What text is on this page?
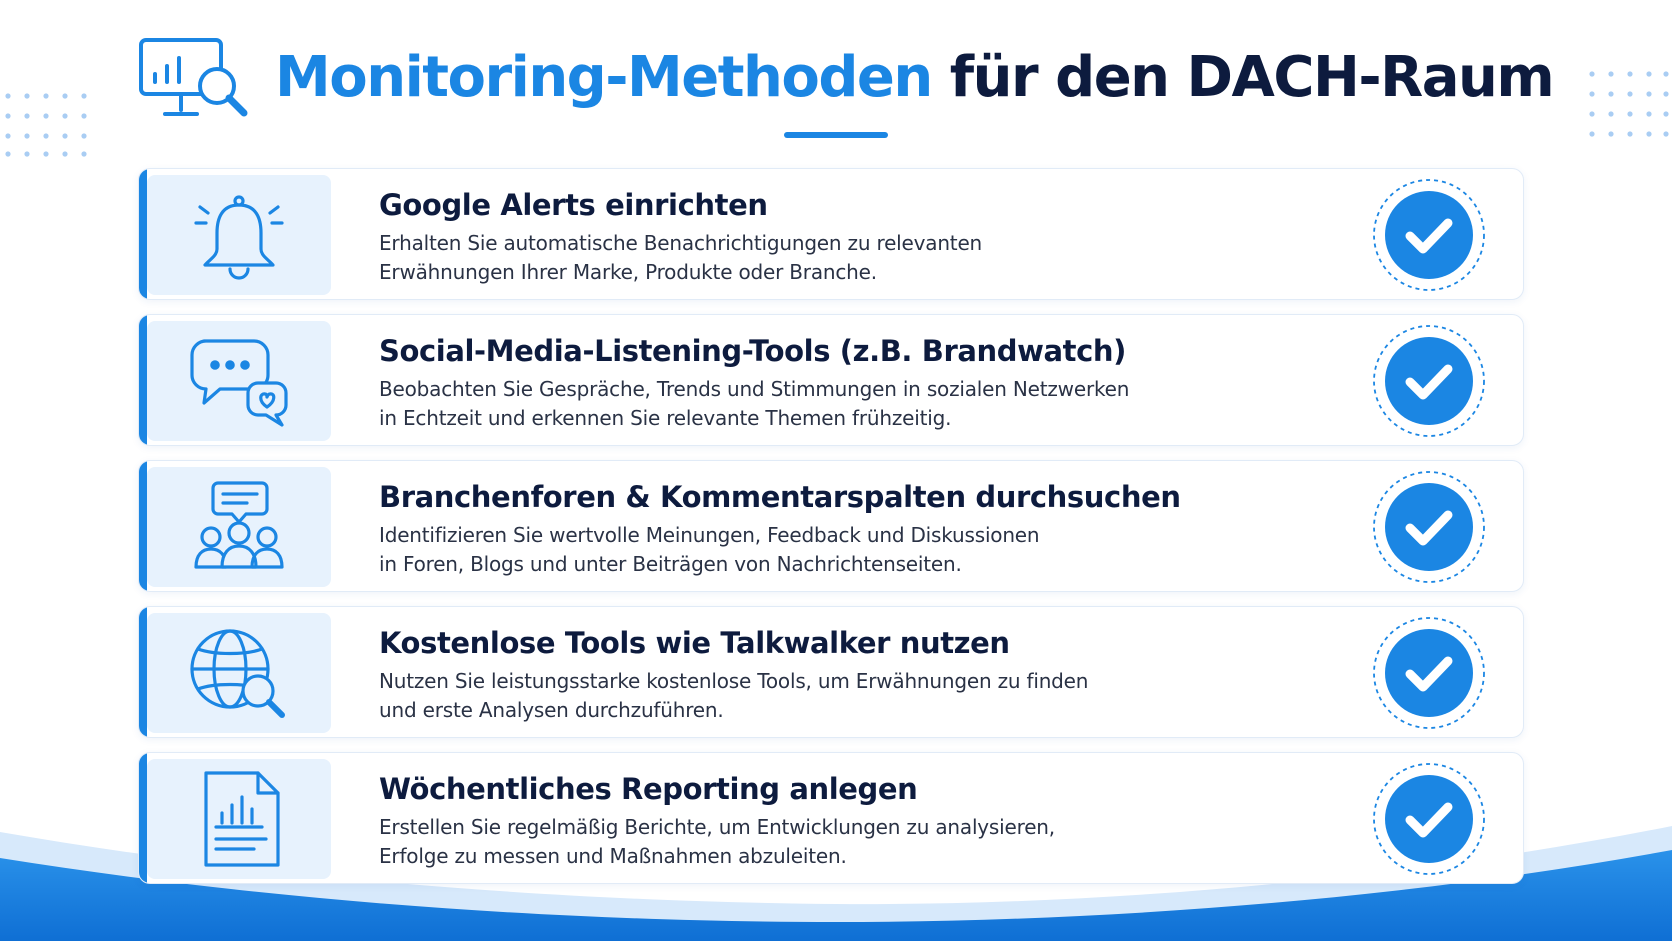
Monitoring-Methoden für den DACH-Raum
Google Alerts einrichten

Erhalten Sie automatische Benachrichtigungen zu relevanten
Erwähnungen Ihrer Marke, Produkte oder Branche.

Social-Media-Listening-Tools (z.B. Brandwatch)

Beobachten Sie Gespräche, Trends und Stimmungen in sozialen Netzwerken
in Echtzeit und erkennen Sie relevante Themen frühzeitig.

Branchenforen & Kommentarspalten durchsuchen

Identifizieren Sie wertvolle Meinungen, Feedback und Diskussionen
in Foren, Blogs und unter Beiträgen von Nachrichtenseiten.

Kostenlose Tools wie Talkwalker nutzen

Nutzen Sie leistungsstarke kostenlose Tools, um Erwähnungen zu finden
und erste Analysen durchzuführen.

Wöchentliches Reporting anlegen

Erstellen Sie regelmäßig Berichte, um Entwicklungen zu analysieren,
Erfolge zu messen und Maßnahmen abzuleiten.
